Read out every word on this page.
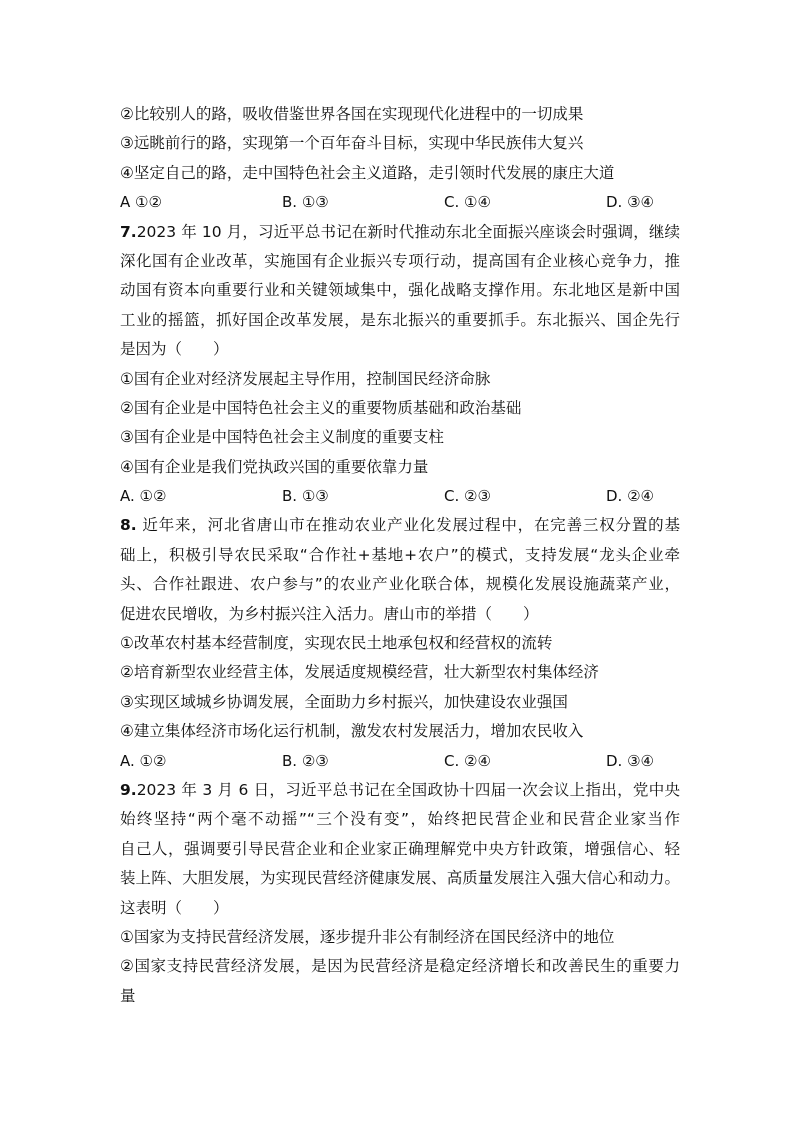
②比较别人的路，吸收借鉴世界各国在实现现代化进程中的一切成果
③远眺前行的路，实现第一个百年奋斗目标，实现中华民族伟大复兴
④坚定自己的路，走中国特色社会主义道路，走引领时代发展的康庄大道
A ①②	B. ①③	C. ①④	D. ③④
7.2023 年 10 月，习近平总书记在新时代推动东北全面振兴座谈会时强调，继续
深化国有企业改革，实施国有企业振兴专项行动，提高国有企业核心竞争力，推
动国有资本向重要行业和关键领域集中，强化战略支撑作用。东北地区是新中国
工业的摇篮，抓好国企改革发展，是东北振兴的重要抓手。东北振兴、国企先行
是因为（　　）
①国有企业对经济发展起主导作用，控制国民经济命脉
②国有企业是中国特色社会主义的重要物质基础和政治基础
③国有企业是中国特色社会主义制度的重要支柱
④国有企业是我们党执政兴国的重要依靠力量
A. ①②	B. ①③	C. ②③	D. ②④
8. 近年来，河北省唐山市在推动农业产业化发展过程中，在完善三权分置的基
础上，积极引导农民采取“合作社+基地+农户”的模式，支持发展“龙头企业牵
头、合作社跟进、农户参与”的农业产业化联合体，规模化发展设施蔬菜产业，
促进农民增收，为乡村振兴注入活力。唐山市的举措（　　）
①改革农村基本经营制度，实现农民土地承包权和经营权的流转
②培育新型农业经营主体，发展适度规模经营，壮大新型农村集体经济
③实现区域城乡协调发展，全面助力乡村振兴，加快建设农业强国
④建立集体经济市场化运行机制，激发农村发展活力，增加农民收入
A. ①②	B. ②③	C. ②④	D. ③④
9.2023 年 3 月 6 日，习近平总书记在全国政协十四届一次会议上指出，党中央
始终坚持“两个毫不动摇”“三个没有变”，始终把民营企业和民营企业家当作
自己人，强调要引导民营企业和企业家正确理解党中央方针政策，增强信心、轻
装上阵、大胆发展，为实现民营经济健康发展、高质量发展注入强大信心和动力。
这表明（　　）
①国家为支持民营经济发展，逐步提升非公有制经济在国民经济中的地位
②国家支持民营经济发展，是因为民营经济是稳定经济增长和改善民生的重要力
量
